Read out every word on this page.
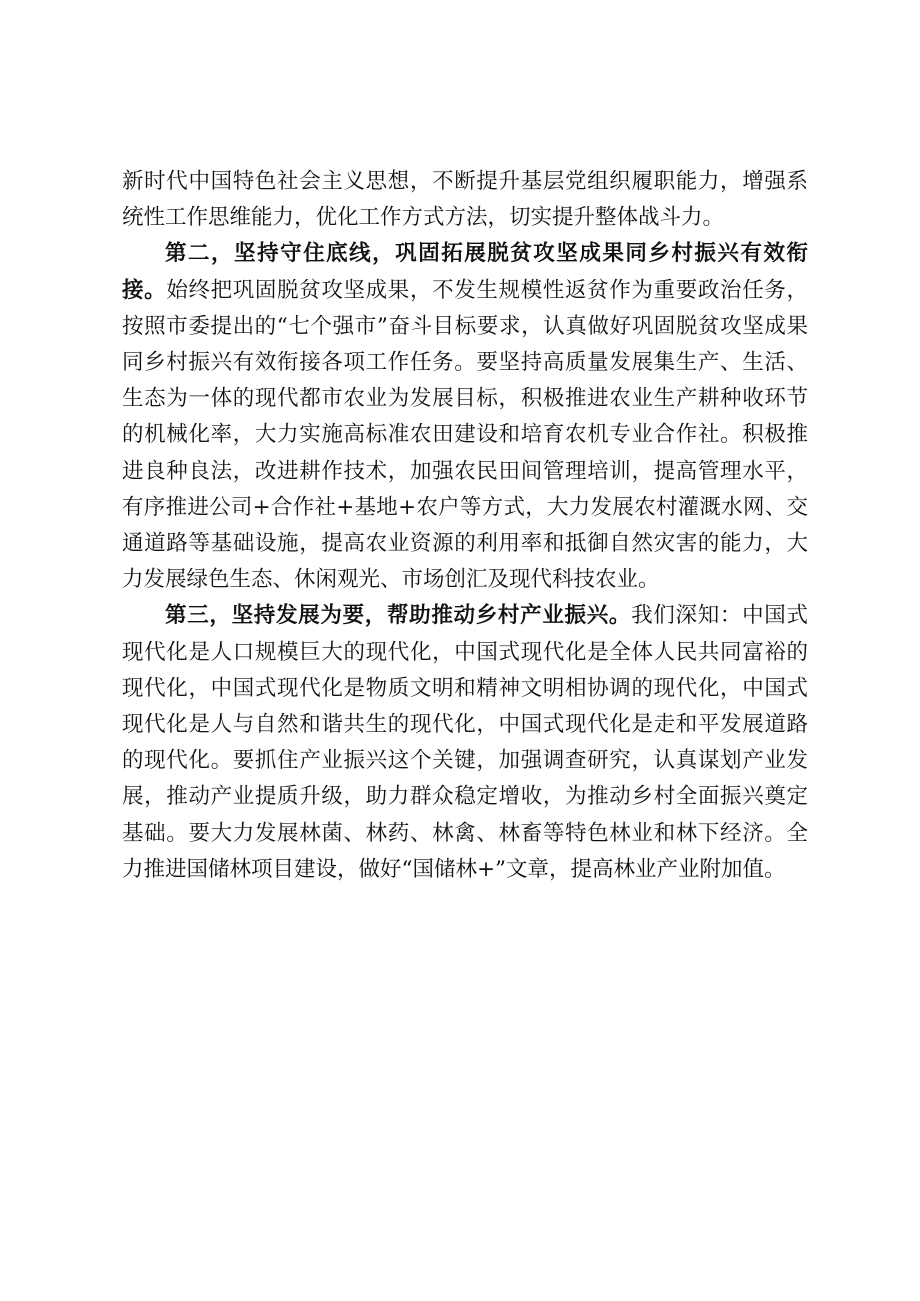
新时代中国特色社会主义思想，不断提升基层党组织履职能力，增强系统性工作思维能力，优化工作方式方法，切实提升整体战斗力。

第二，坚持守住底线，巩固拓展脱贫攻坚成果同乡村振兴有效衔接。始终把巩固脱贫攻坚成果，不发生规模性返贫作为重要政治任务，按照市委提出的“七个强市”奋斗目标要求，认真做好巩固脱贫攻坚成果同乡村振兴有效衔接各项工作任务。要坚持高质量发展集生产、生活、生态为一体的现代都市农业为发展目标，积极推进农业生产耕种收环节的机械化率，大力实施高标准农田建设和培育农机专业合作社。积极推进良种良法，改进耕作技术，加强农民田间管理培训，提高管理水平，有序推进公司+合作社+基地+农户等方式，大力发展农村灌溉水网、交通道路等基础设施，提高农业资源的利用率和抵御自然灾害的能力，大力发展绿色生态、休闲观光、市场创汇及现代科技农业。

第三，坚持发展为要，帮助推动乡村产业振兴。我们深知：中国式现代化是人口规模巨大的现代化，中国式现代化是全体人民共同富裕的现代化，中国式现代化是物质文明和精神文明相协调的现代化，中国式现代化是人与自然和谐共生的现代化，中国式现代化是走和平发展道路的现代化。要抓住产业振兴这个关键，加强调查研究，认真谋划产业发展，推动产业提质升级，助力群众稳定增收，为推动乡村全面振兴奠定基础。要大力发展林菌、林药、林禽、林畜等特色林业和林下经济。全力推进国储林项目建设，做好“国储林+”文章，提高林业产业附加值。
